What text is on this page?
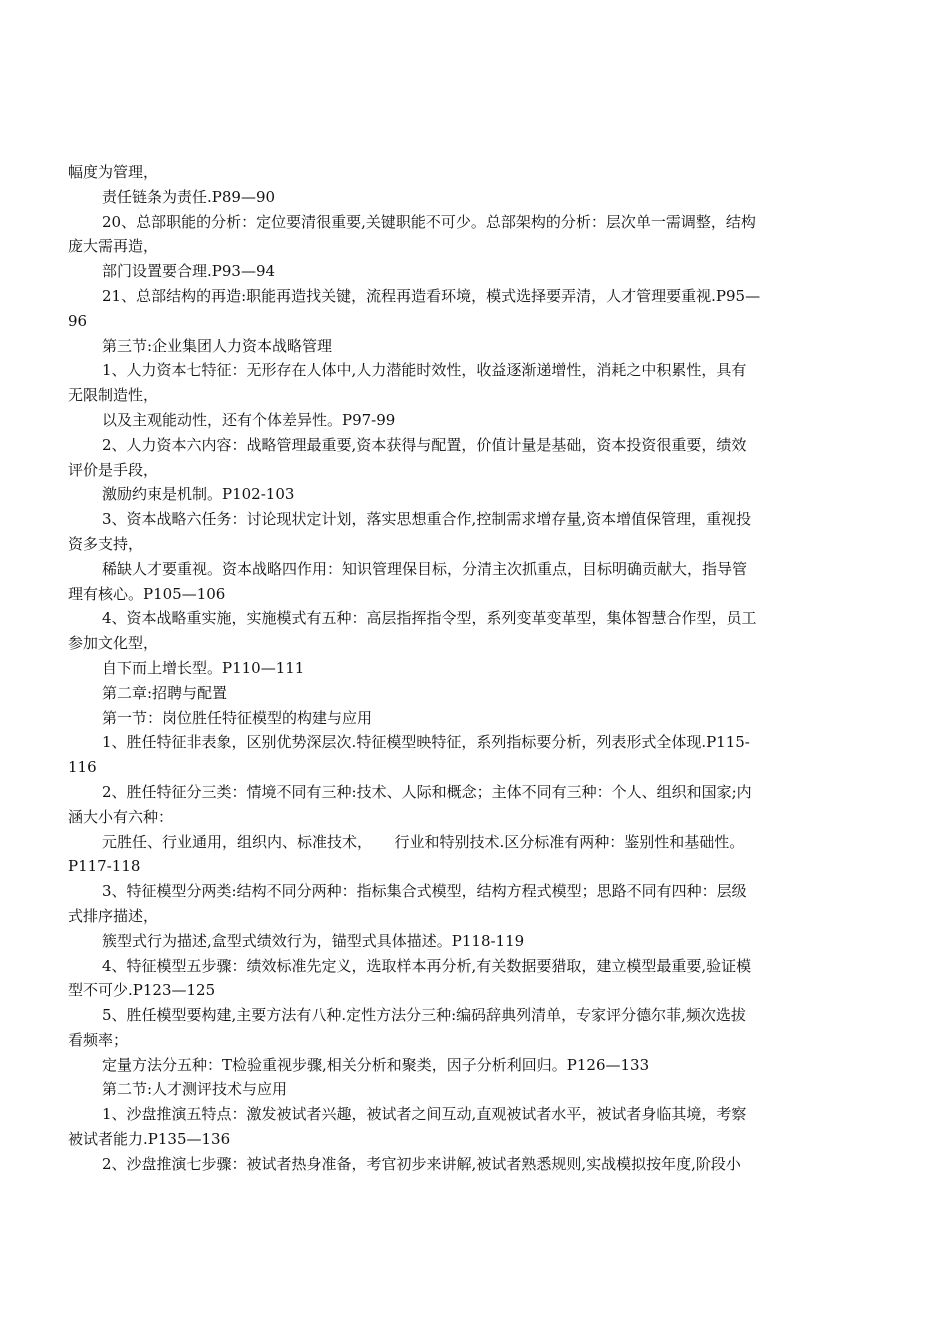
幅度为管理，
责任链条为责任.P89—90
20、总部职能的分析：定位要清很重要,关键职能不可少。总部架构的分析：层次单一需调整，结构
庞大需再造，
部门设置要合理.P93—94
21、总部结构的再造:职能再造找关键，流程再造看环境，模式选择要弄清，人才管理要重视.P95—
96
第三节:企业集团人力资本战略管理
1、人力资本七特征：无形存在人体中,人力潜能时效性，收益逐渐递增性，消耗之中积累性，具有
无限制造性，
以及主观能动性，还有个体差异性。P97-99
2、人力资本六内容：战略管理最重要,资本获得与配置，价值计量是基础，资本投资很重要，绩效
评价是手段，
激励约束是机制。P102-103
3、资本战略六任务：讨论现状定计划，落实思想重合作,控制需求增存量,资本增值保管理，重视投
资多支持，
稀缺人才要重视。资本战略四作用：知识管理保目标，分清主次抓重点，目标明确贡献大，指导管
理有核心。P105—106
4、资本战略重实施，实施模式有五种：高层指挥指令型，系列变革变革型，集体智慧合作型，员工
参加文化型，
自下而上增长型。P110—111
第二章:招聘与配置
第一节：岗位胜任特征模型的构建与应用
1、胜任特征非表象，区别优势深层次.特征模型映特征，系列指标要分析，列表形式全体现.P115-
116
2、胜任特征分三类：情境不同有三种:技术、人际和概念；主体不同有三种：个人、组织和国家;内
涵大小有六种：
元胜任、行业通用，组织内、标准技术，　　行业和特别技术.区分标准有两种：鉴别性和基础性。
P117-118
3、特征模型分两类:结构不同分两种：指标集合式模型，结构方程式模型；思路不同有四种：层级
式排序描述，
簇型式行为描述,盒型式绩效行为，锚型式具体描述。P118-119
4、特征模型五步骤：绩效标准先定义，选取样本再分析,有关数据要猎取，建立模型最重要,验证模
型不可少.P123—125
5、胜任模型要构建,主要方法有八种.定性方法分三种:编码辞典列清单，专家评分德尔菲,频次选拔
看频率；
定量方法分五种：T检验重视步骤,相关分析和聚类，因子分析利回归。P126—133
第二节:人才测评技术与应用
1、沙盘推演五特点：激发被试者兴趣，被试者之间互动,直观被试者水平，被试者身临其境，考察
被试者能力.P135—136
2、沙盘推演七步骤：被试者热身准备，考官初步来讲解,被试者熟悉规则,实战模拟按年度,阶段小
